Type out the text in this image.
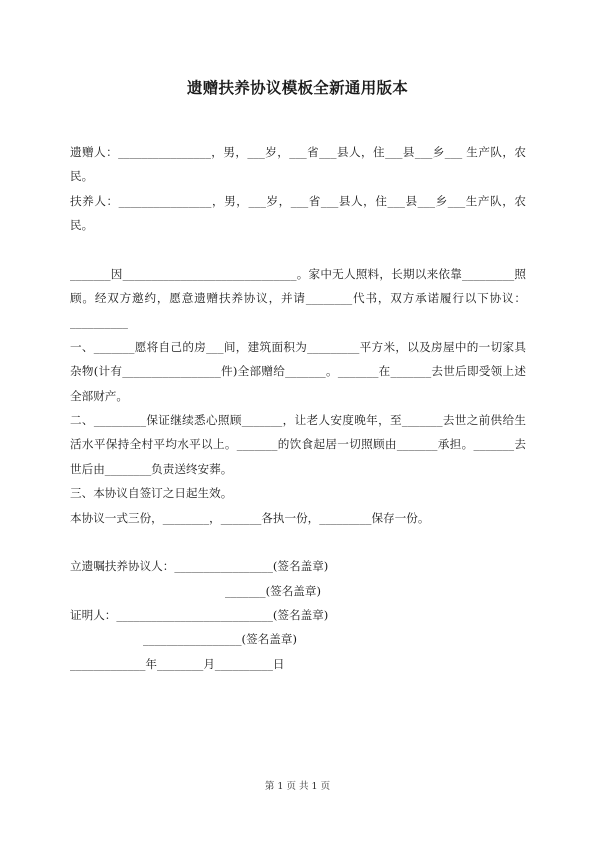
遗赠扶养协议模板全新通用版本

遗赠人：________________，男，___岁，___省___县人，住___县___乡___ 生产队，农民。

扶养人：________________，男，___岁，___省___县人，住___县___乡___生产队，农民。

_______因______________________________。家中无人照料，长期以来依靠_________照顾。经双方邀约，愿意遗赠扶养协议，并请________代书，双方承诺履行以下协议：__________

一、_______愿将自己的房___间，建筑面积为_________平方米，以及房屋中的一切家具杂物(计有_________________件)全部赠给_______。_______在_______去世后即受领上述全部财产。

二、_________保证继续悉心照顾_______，让老人安度晚年，至_______去世之前供给生活水平保持全村平均水平以上。_______的饮食起居一切照顾由_______承担。_______去世后由________负责送终安葬。

三、本协议自签订之日起生效。

本协议一式三份，________，_______各执一份，_________保存一份。

立遗嘱扶养协议人：_________________(签名盖章)

_______(签名盖章)

证明人：___________________________(签名盖章)

_________________(签名盖章)

_____________年________月__________日

第 1 页 共 1 页
